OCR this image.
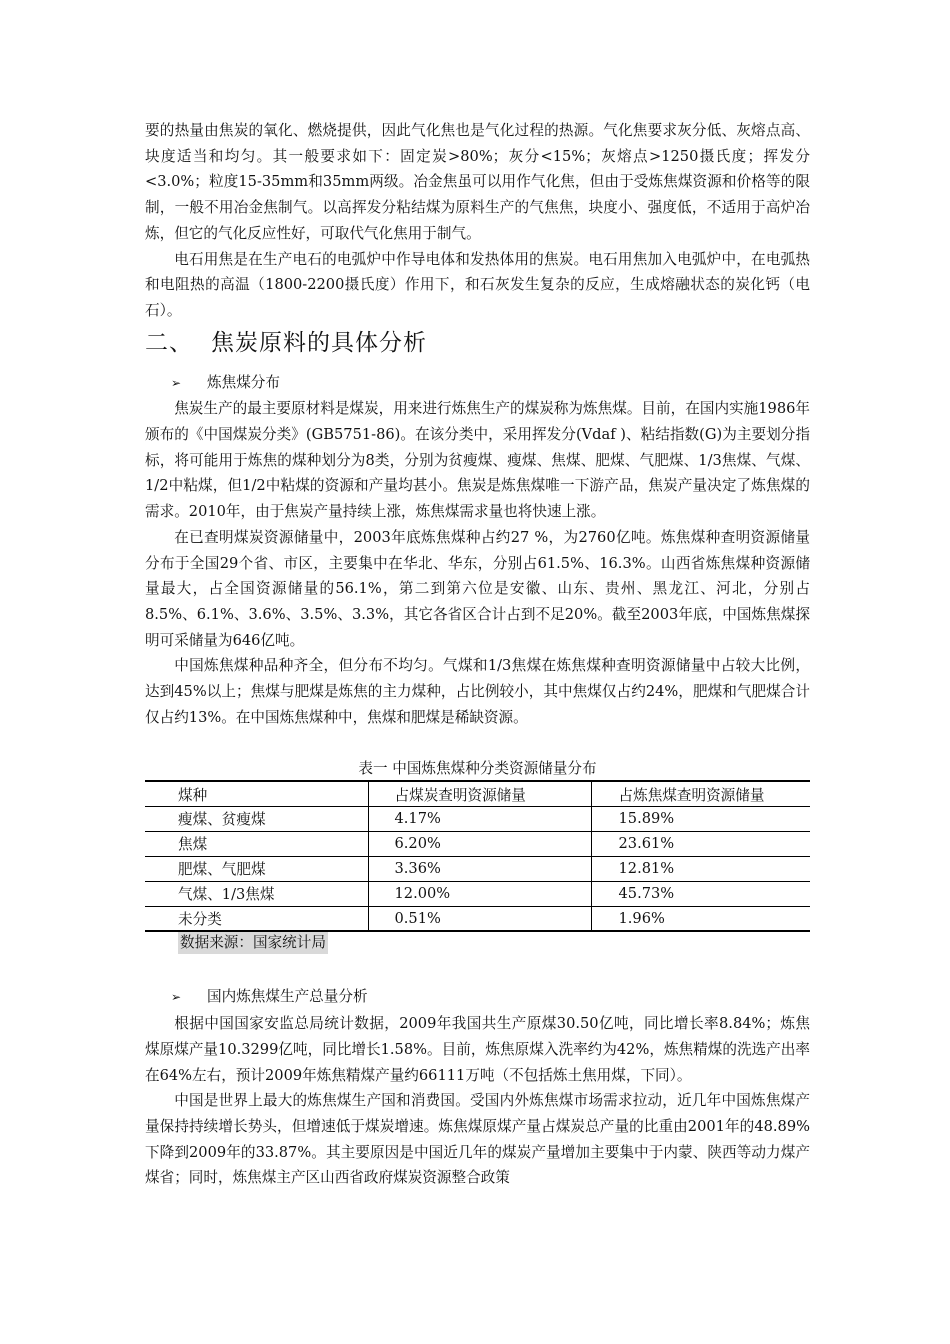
要的热量由焦炭的氧化、燃烧提供，因此气化焦也是气化过程的热源。气化焦要求灰分低、灰熔点高、块度适当和均匀。其一般要求如下：固定炭>80%；灰分<15%；灰熔点>1250摄氏度；挥发分<3.0%；粒度15-35mm和35mm两级。冶金焦虽可以用作气化焦，但由于受炼焦煤资源和价格等的限制，一般不用冶金焦制气。以高挥发分粘结煤为原料生产的气焦焦，块度小、强度低，不适用于高炉冶炼，但它的气化反应性好，可取代气化焦用于制气。

电石用焦是在生产电石的电弧炉中作导电体和发热体用的焦炭。电石用焦加入电弧炉中，在电弧热和电阻热的高温（1800-2200摄氏度）作用下，和石灰发生复杂的反应，生成熔融状态的炭化钙（电石）。

二、 焦炭原料的具体分析
➢ 炼焦煤分布

焦炭生产的最主要原材料是煤炭，用来进行炼焦生产的煤炭称为炼焦煤。目前，在国内实施1986年颁布的《中国煤炭分类》(GB5751-86)。在该分类中，采用挥发分(Vdaf )、粘结指数(G)为主要划分指标，将可能用于炼焦的煤种划分为8类，分别为贫瘦煤、瘦煤、焦煤、肥煤、气肥煤、1/3焦煤、气煤、1/2中粘煤，但1/2中粘煤的资源和产量均甚小。焦炭是炼焦煤唯一下游产品，焦炭产量决定了炼焦煤的需求。2010年，由于焦炭产量持续上涨，炼焦煤需求量也将快速上涨。

在已查明煤炭资源储量中，2003年底炼焦煤种占约27 %，为2760亿吨。炼焦煤种查明资源储量分布于全国29个省、市区，主要集中在华北、华东，分别占61.5%、16.3%。山西省炼焦煤种资源储量最大，占全国资源储量的56.1%，第二到第六位是安徽、山东、贵州、黑龙江、河北，分别占8.5%、6.1%、3.6%、3.5%、3.3%，其它各省区合计占到不足20%。截至2003年底，中国炼焦煤探明可采储量为646亿吨。

中国炼焦煤种品种齐全，但分布不均匀。气煤和1/3焦煤在炼焦煤种查明资源储量中占较大比例，达到45%以上；焦煤与肥煤是炼焦的主力煤种，占比例较小，其中焦煤仅占约24%，肥煤和气肥煤合计仅占约13%。在中国炼焦煤种中，焦煤和肥煤是稀缺资源。

表一 中国炼焦煤种分类资源储量分布
煤种	占煤炭查明资源储量	占炼焦煤查明资源储量
瘦煤、贫瘦煤	4.17%	15.89%
焦煤	6.20%	23.61%
肥煤、气肥煤	3.36%	12.81%
气煤、1/3焦煤	12.00%	45.73%
未分类	0.51%	1.96%
数据来源：国家统计局
➢ 国内炼焦煤生产总量分析

根据中国国家安监总局统计数据，2009年我国共生产原煤30.50亿吨，同比增长率8.84%；炼焦煤原煤产量10.3299亿吨，同比增长1.58%。目前，炼焦原煤入洗率约为42%，炼焦精煤的洗选产出率在64%左右，预计2009年炼焦精煤产量约66111万吨（不包括炼土焦用煤，下同）。

中国是世界上最大的炼焦煤生产国和消费国。受国内外炼焦煤市场需求拉动，近几年中国炼焦煤产量保持持续增长势头，但增速低于煤炭增速。炼焦煤原煤产量占煤炭总产量的比重由2001年的48.89%下降到2009年的33.87%。其主要原因是中国近几年的煤炭产量增加主要集中于内蒙、陕西等动力煤产煤省；同时，炼焦煤主产区山西省政府煤炭资源整合政策
